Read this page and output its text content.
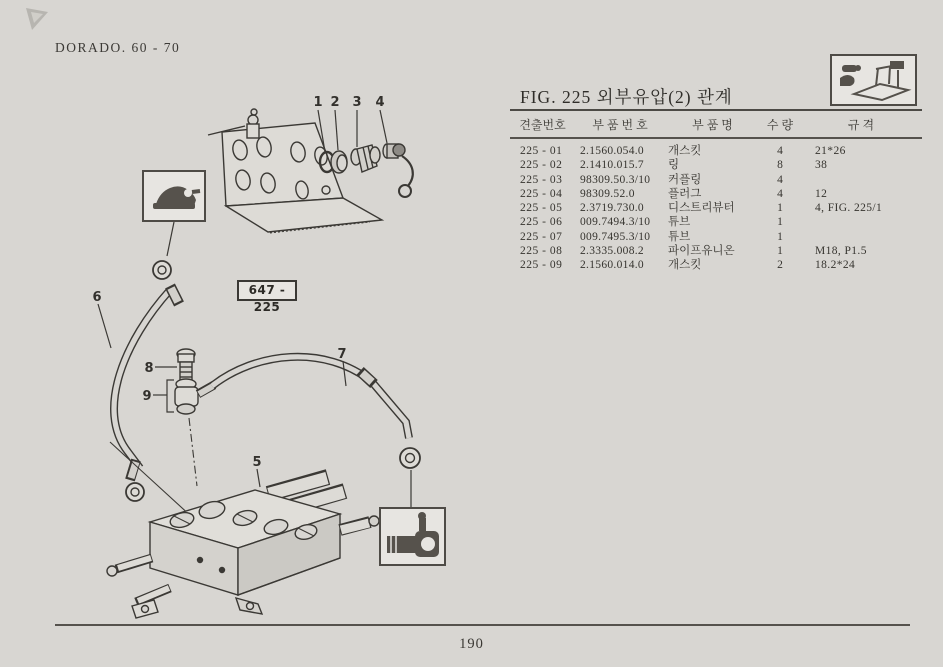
DORADO. 60 - 70
FIG. 225 외부유압(2) 관계
견출번호	부 품 번 호	부 품 명	수 량	규 격
225 - 01	2.1560.054.0	개스킷	4	21*26
225 - 02	2.1410.015.7	링	8	38
225 - 03	98309.50.3/10	커플링	4
225 - 04	98309.52.0	플러그	4	12
225 - 05	2.3719.730.0	디스트리뷰터	1	4, FIG. 225/1
225 - 06	009.7494.3/10	튜브	1
225 - 07	009.7495.3/10	튜브	1
225 - 08	2.3335.008.2	파이프유니온	1	M18, P1.5
225 - 09	2.1560.014.0	개스킷	2	18.2*24
1 2 3 4
5
6
7
8
9
647 - 225
190
